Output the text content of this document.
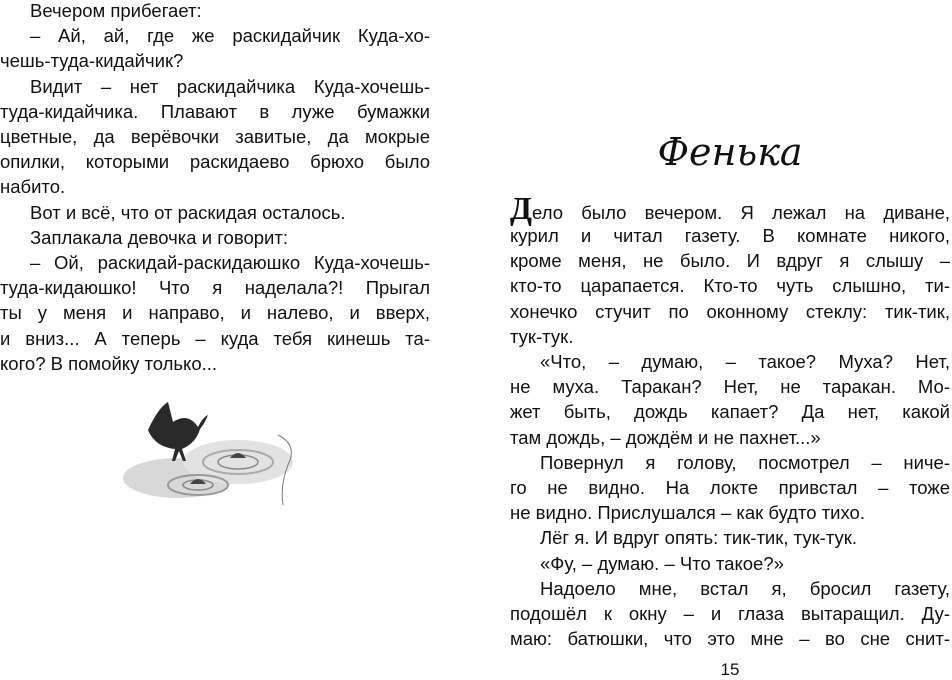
Вечером прибегает:
– Ай, ай, где же раскидайчик Куда-хо-
чешь-туда-кидайчик?
Видит – нет раскидайчика Куда-хочешь-
туда-кидайчика. Плавают в луже бумажки
цветные, да верёвочки завитые, да мокрые
опилки, которыми раскидаево брюхо было
набито.
Вот и всё, что от раскидая осталось.
Заплакала девочка и говорит:
– Ой, раскидай-раскидаюшко Куда-хочешь-
туда-кидаюшко! Что я наделала?! Прыгал
ты у меня и направо, и налево, и вверх,
и вниз... А теперь – куда тебя кинешь та-
кого? В помойку только...
Фенька
15
Дело было вечером. Я лежал на диване,
курил и читал газету. В комнате никого,
кроме меня, не было. И вдруг я слышу –
кто-то царапается. Кто-то чуть слышно, ти-
хонечко стучит по оконному стеклу: тик-тик,
тук-тук.
«Что, – думаю, – такое? Муха? Нет,
не муха. Таракан? Нет, не таракан. Мо-
жет быть, дождь капает? Да нет, какой
там дождь, – дождём и не пахнет...»
Повернул я голову, посмотрел – ниче-
го не видно. На локте привстал – тоже
не видно. Прислушался – как будто тихо.
Лёг я. И вдруг опять: тик-тик, тук-тук.
«Фу, – думаю. – Что такое?»
Надоело мне, встал я, бросил газету,
подошёл к окну – и глаза вытаращил. Ду-
маю: батюшки, что это мне – во сне снит-
